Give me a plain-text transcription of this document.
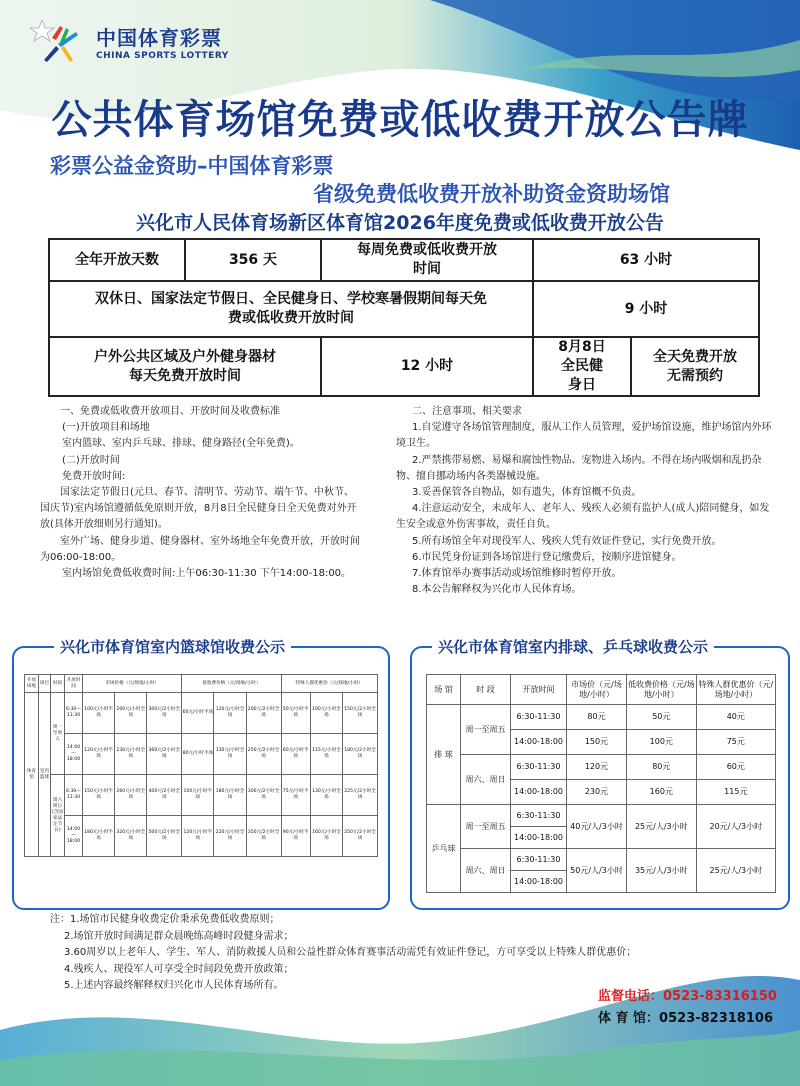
中国体育彩票
CHINA SPORTS LOTTERY
公共体育场馆免费或低收费开放公告牌
彩票公益金资助–中国体育彩票
省级免费低收费开放补助资金资助场馆
兴化市人民体育场新区体育馆2026年度免费或低收费开放公告
全年开放天数	356 天	每周免费或低收费开放时间	63 小时	
双休日、国家法定节假日、全民健身日、学校寒暑假期间每天免费或低收费开放时间			9 小时	
户外公共区域及户外健身器材每天免费开放时间		12 小时	8月8日全民健身日	全天免费开放无需预约
一、免费或低收费开放项目、开放时间及收费标准
(一)开放项目和场地
室内篮球、室内乒乓球、排球、健身路径(全年免费)。
(二)开放时间
免费开放时间:
国家法定节假日(元旦、春节、清明节、劳动节、端午节、中秋节、国庆节)室内场馆遵循低免原则开放，8月8日全民健身日全天免费对外开放(具体开放细则另行通知)。
室外广场、健身步道、健身器材、室外场地全年免费开放，开放时间为06:00-18:00。
室内场馆免费低收费时间:上午06:30-11:30 下午14:00-18:00。
二、注意事项、相关要求
1.自觉遵守各场馆管理制度，服从工作人员管理，爱护场馆设施，维护场馆内外环境卫生。
2.严禁携带易燃、易爆和腐蚀性物品、宠物进入场内。不得在场内吸烟和乱扔杂物、擅自挪动场内各类器械设施。
3.妥善保管各自物品，如有遗失，体育馆概不负责。
4.注意运动安全，未成年人、老年人、残疾人必须有监护人(成人)陪同健身，如发生安全或意外伤害事故，责任自负。
5.所有场馆全年对现役军人、残疾人凭有效证件登记，实行免费开放。
6.市民凭身份证到各场馆进行登记缴费后，按顺序进馆健身。
7.体育馆举办赛事活动或场馆维修时暂停开放。
8.本公告解释权为兴化市人民体育场。
兴化市体育馆室内篮球馆收费公示
开放场地	项目	时段	开放时间	市场价格（元/场地/小时）			低收费价格（元/场地/小时）			特殊人群优惠价（元/场地/小时）		
体育馆	室内篮球	周一至周五	6:30—11:30	100元/小时半场	200元/小时全场	300元/2小时全场	60元/小时半场	120元/小时全场	200元/2小时全场	50元/小时半场	100元/小时全场	150元/2小时全场
			14:00—18:00	120元/小时半场	230元/小时全场	360元/2小时全场	80元/小时半场	130元/小时全场	250元/2小时全场	60元/小时半场	115元/小时全场	180元/2小时全场
		周六周日(含国家法定节日)	6:30—11:30	150元/小时半场	260元/小时全场	400元/2小时全场	100元/小时半场	180元/小时全场	300元/2小时全场	75元/小时半场	130元/小时全场	225元/2小时全场
			14:00—18:00	180元/小时半场	320元/小时全场	500元/2小时全场	120元/小时半场	220元/小时全场	350元/2小时全场	90元/小时半场	160元/小时全场	250元/2小时全场
兴化市体育馆室内排球、乒乓球收费公示
场 馆	时 段	开放时间	市场价（元/场地/小时）	低收费价格（元/场地/小时）	特殊人群优惠价（元/场地/小时）
排 球	周一至周五	6:30-11:30	80元	50元	40元
		14:00-18:00	150元	100元	75元
	周六、周日	6:30-11:30	120元	80元	60元
		14:00-18:00	230元	160元	115元
乒乓球	周一至周五	6:30-11:30	40元/人/3小时	25元/人/3小时	20元/人/3小时
		14:00-18:00			
	周六、周日	6:30-11:30	50元/人/3小时	35元/人/3小时	25元/人/3小时
		14:00-18:00			
注：1.场馆市民健身收费定价秉承免费低收费原则；
2.场馆开放时间满足群众晨晚练高峰时段健身需求；
3.60周岁以上老年人、学生、军人、消防救援人员和公益性群众体育赛事活动需凭有效证件登记，方可享受以上特殊人群优惠价；
4.残疾人、现役军人可享受全时间段免费开放政策；
5.上述内容最终解释权归兴化市人民体育场所有。
监督电话：0523-83316150
体 育 馆：0523-82318106
